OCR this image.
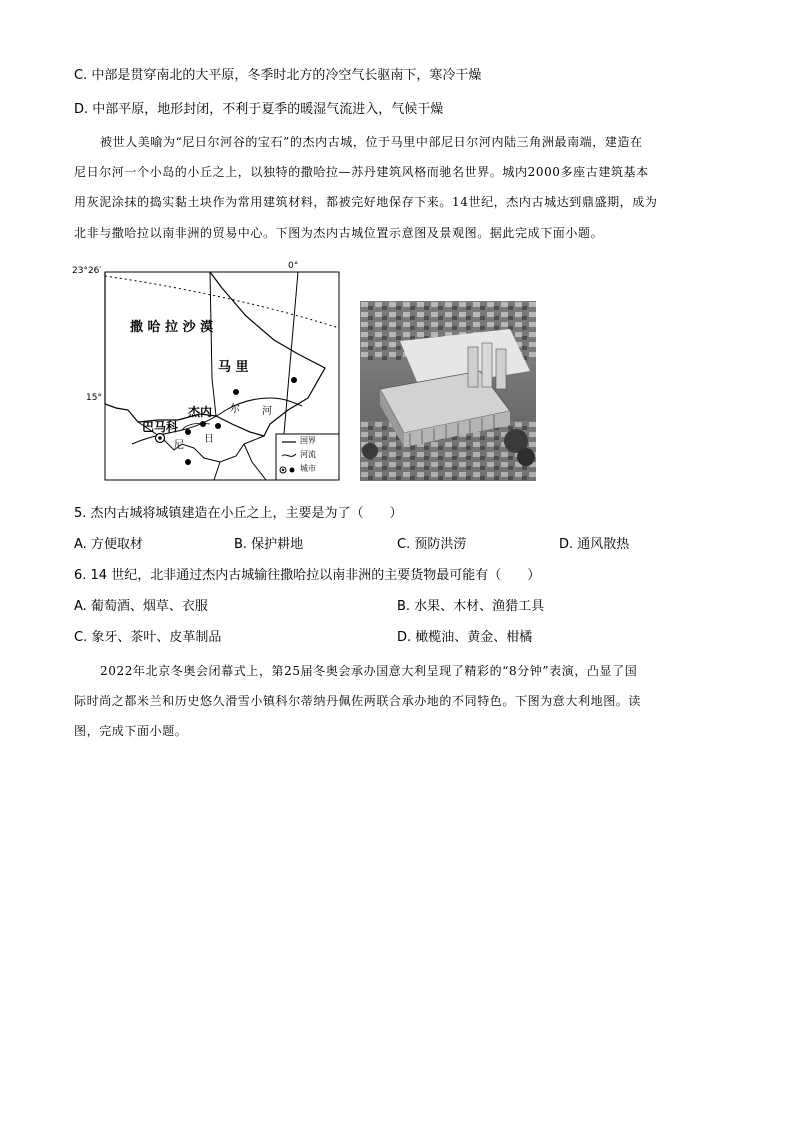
C. 中部是贯穿南北的大平原，冬季时北方的冷空气长驱南下，寒冷干燥
D. 中部平原，地形封闭，不利于夏季的暖湿气流进入，气候干燥
被世人美喻为“尼日尔河谷的宝石”的杰内古城，位于马里中部尼日尔河内陆三角洲最南端，建造在
尼日尔河一个小岛的小丘之上，以独特的撒哈拉—苏丹建筑风格而驰名世界。城内2000多座古建筑基本
用灰泥涂抹的捣实黏土块作为常用建筑材料，都被完好地保存下来。14世纪，杰内古城达到鼎盛期，成为
北非与撒哈拉以南非洲的贸易中心。下图为杰内古城位置示意图及景观图。据此完成下面小题。
23°26′	0°
15°
撒 哈 拉 沙 漠
马 里
杰内
巴马科
尔 河
尼
日	国界
河流
城市
5. 杰内古城将城镇建造在小丘之上，主要是为了（　　）
A. 方便取材	B. 保护耕地	C. 预防洪涝	D. 通风散热
6. 14 世纪，北非通过杰内古城输往撒哈拉以南非洲的主要货物最可能有（　　）
A. 葡萄酒、烟草、衣服	B. 水果、木材、渔猎工具
C. 象牙、茶叶、皮革制品	D. 橄榄油、黄金、柑橘
2022年北京冬奥会闭幕式上，第25届冬奥会承办国意大利呈现了精彩的“8分钟”表演，凸显了国
际时尚之都米兰和历史悠久滑雪小镇科尔蒂纳丹佩佐两联合承办地的不同特色。下图为意大利地图。读
图，完成下面小题。
